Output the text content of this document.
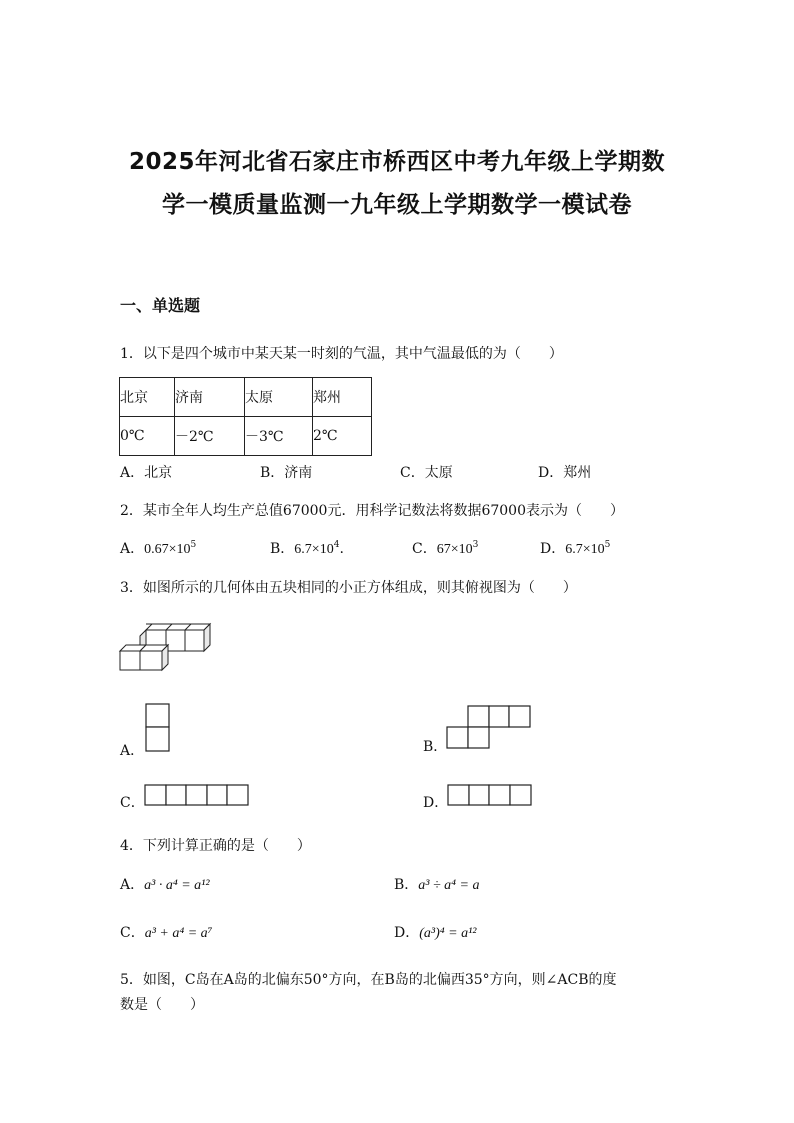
2025年河北省石家庄市桥西区中考九年级上学期数
学一模质量监测一九年级上学期数学一模试卷
一、单选题
1．以下是四个城市中某天某一时刻的气温，其中气温最低的为（　　）
北京	济南	太原	郑州
0℃	－2℃	－3℃	2℃
A．北京	B．济南	C．太原	D．郑州
2．某市全年人均生产总值67000元．用科学记数法将数据67000表示为（　　）
A．$0.67\times 10^5$	B．$6.7\times 10^4$.	C．$67\times 10^3$	D．$6.7\times 10^5$
3．如图所示的几何体由五块相同的小正方体组成，则其俯视图为（　　）
A．	B．
C．	D．
4．下列计算正确的是（　　）
A．a³ · a⁴ = a¹²	B．a³ ÷ a⁴ = a
C．a³ + a⁴ = a⁷	D．(a³)⁴ = a¹²
5．如图，C岛在A岛的北偏东50°方向，在B岛的北偏西35°方向，则∠ACB的度
数是（　　）
